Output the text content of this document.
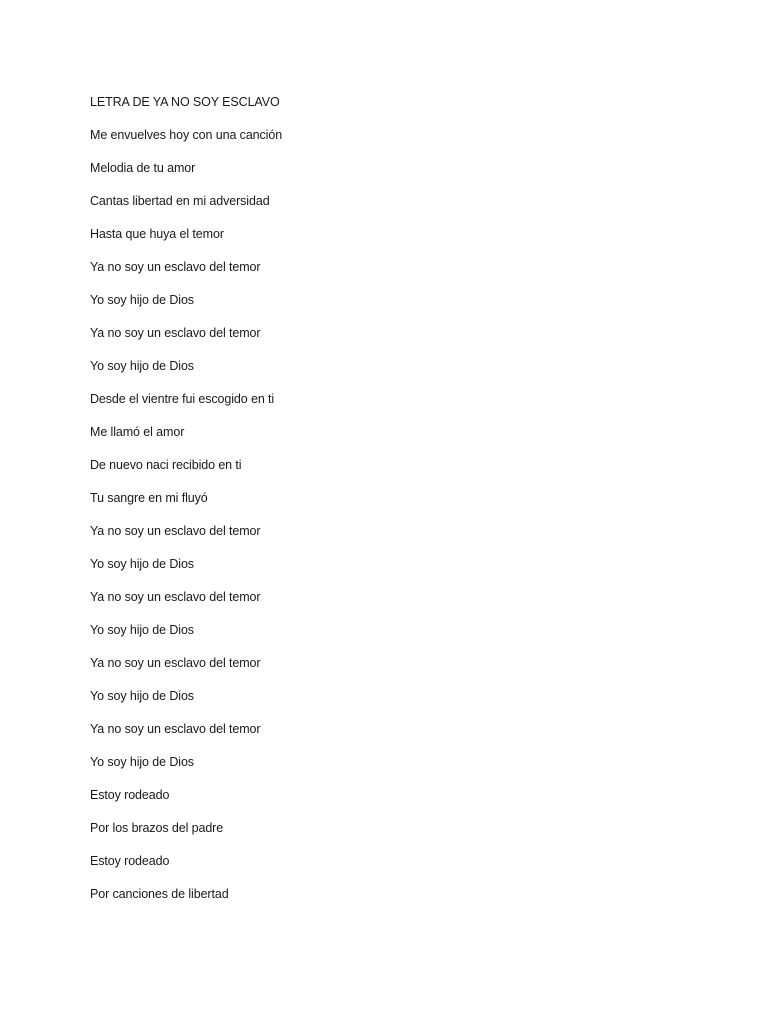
LETRA DE YA NO SOY ESCLAVO
Me envuelves hoy con una canción
Melodia de tu amor
Cantas libertad en mi adversidad
Hasta que huya el temor
Ya no soy un esclavo del temor
Yo soy hijo de Dios
Ya no soy un esclavo del temor
Yo soy hijo de Dios
Desde el vientre fui escogido en ti
Me llamó el amor
De nuevo naci recibido en ti
Tu sangre en mi fluyó
Ya no soy un esclavo del temor
Yo soy hijo de Dios
Ya no soy un esclavo del temor
Yo soy hijo de Dios
Ya no soy un esclavo del temor
Yo soy hijo de Dios
Ya no soy un esclavo del temor
Yo soy hijo de Dios
Estoy rodeado
Por los brazos del padre
Estoy rodeado
Por canciones de libertad
